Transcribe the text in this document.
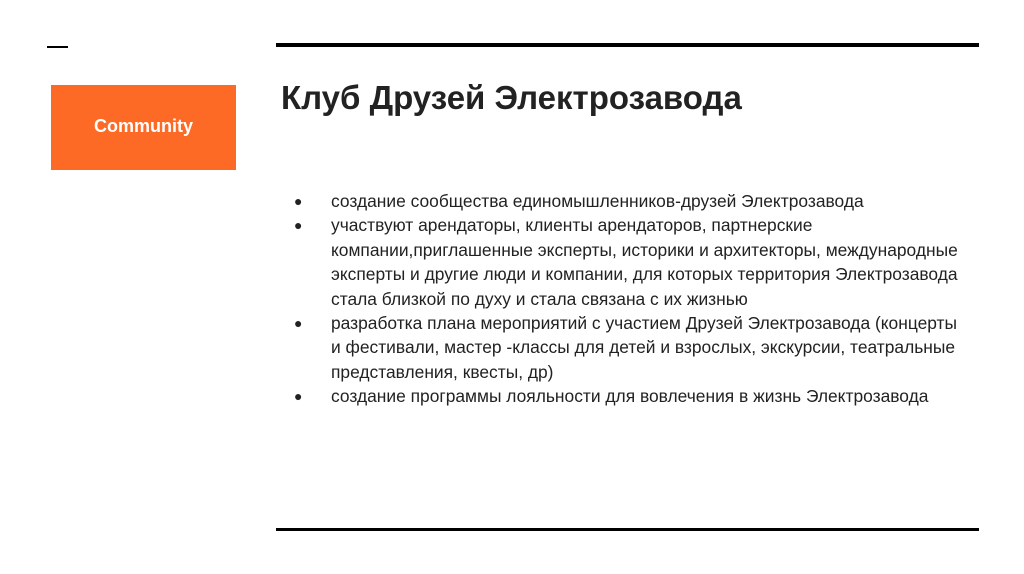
Community
Клуб Друзей Электрозавода
● создание сообщества единомышленников-друзей Электрозавода
● участвуют арендаторы, клиенты арендаторов, партнерские компании,приглашенные эксперты, историки и архитекторы, международные эксперты и другие люди и компании, для которых территория Электрозавода стала близкой по духу и стала связана с их жизнью
● разработка плана мероприятий с участием Друзей Электрозавода (концерты и фестивали, мастер -классы для детей и взрослых, экскурсии, театральные представления, квесты, др)
● создание программы лояльности для вовлечения в жизнь Электрозавода
